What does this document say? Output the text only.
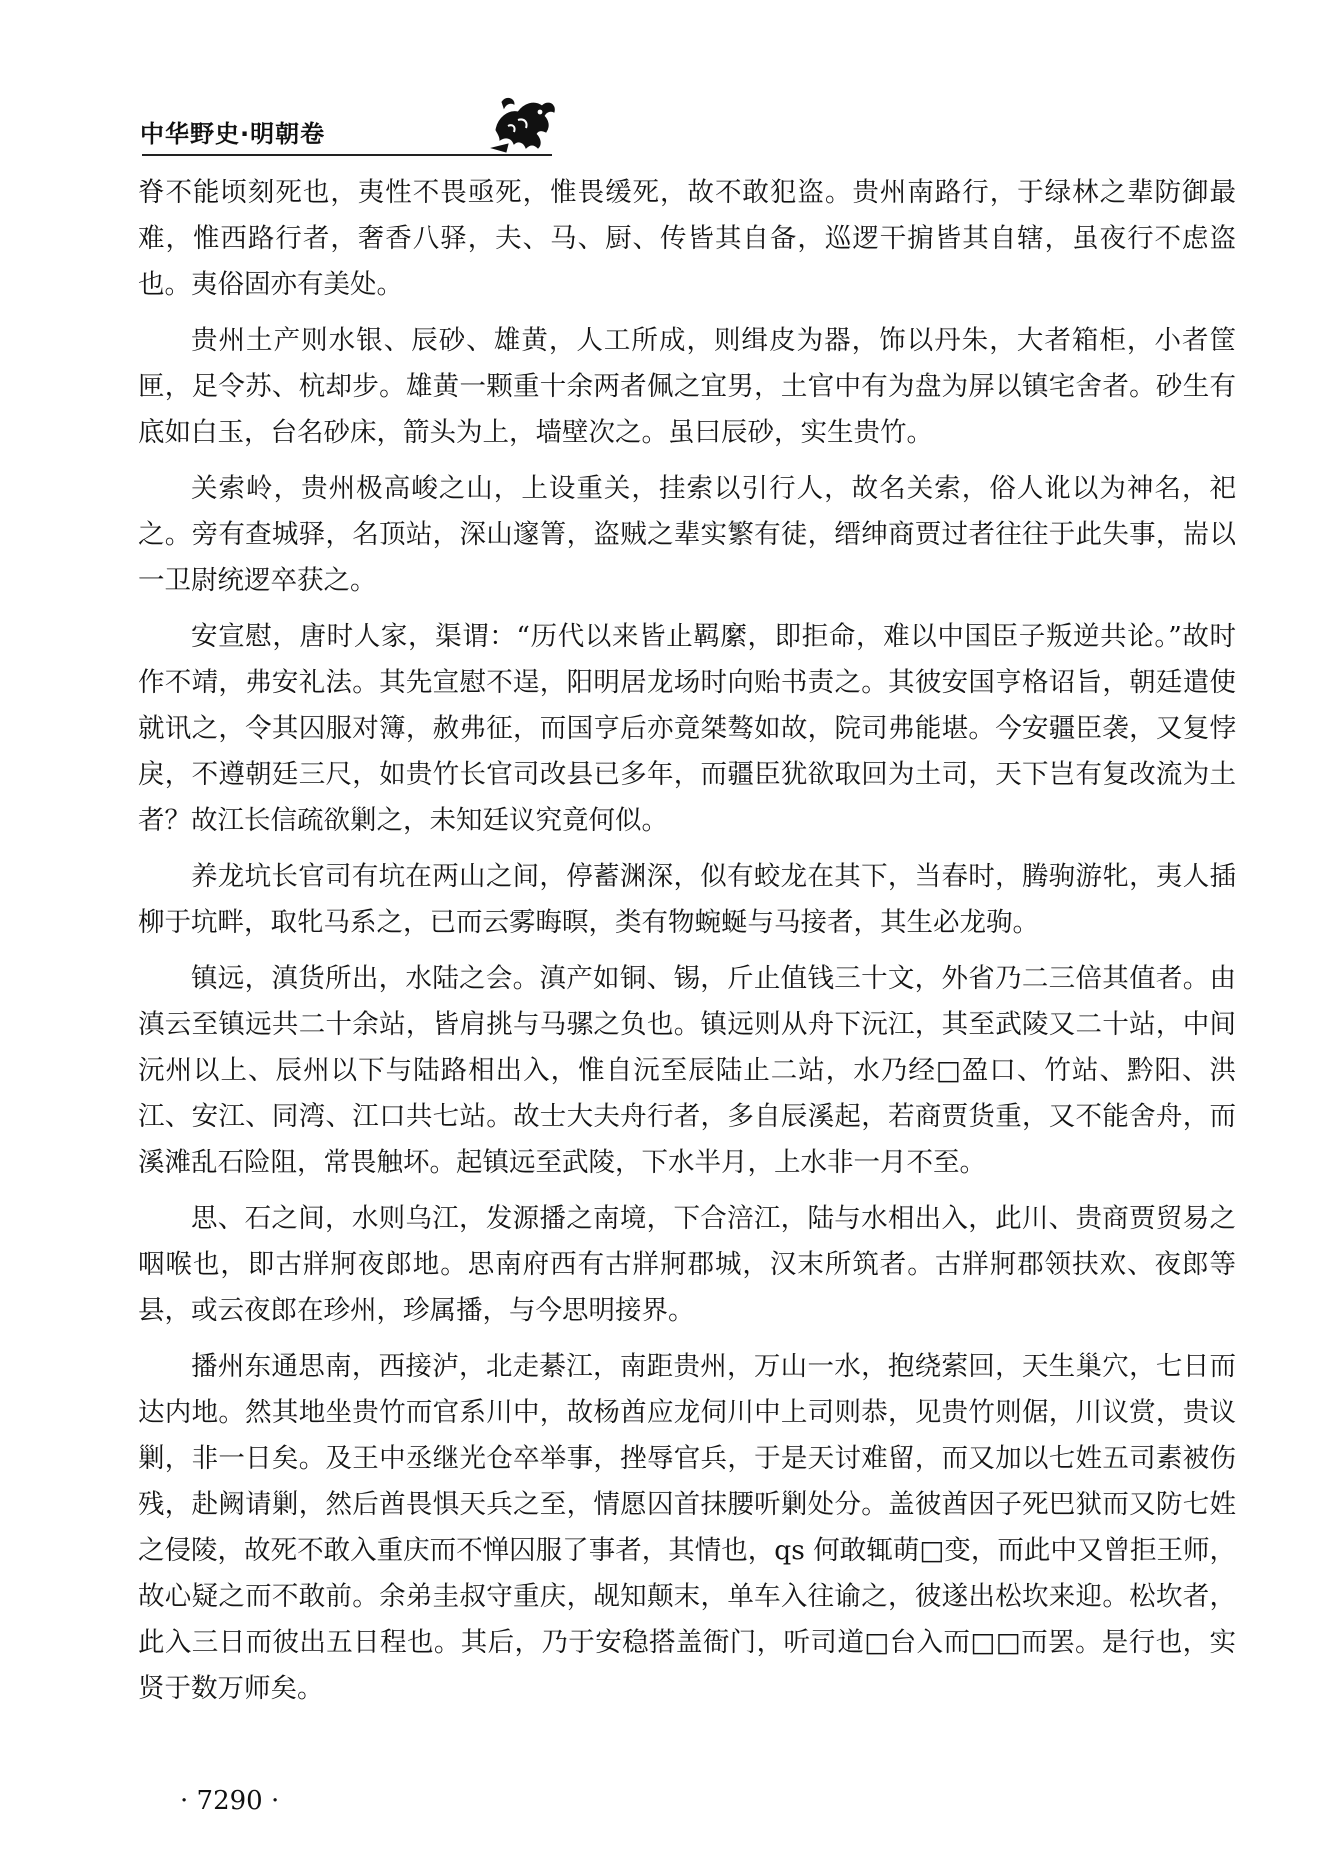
中华野史·明朝卷

脊不能顷刻死也，夷性不畏亟死，惟畏缓死，故不敢犯盗。贵州南路行，于绿林之辈防御最难，惟西路行者，奢香八驿，夫、马、厨、传皆其自备，巡逻干掮皆其自辖，虽夜行不虑盗也。夷俗固亦有美处。

贵州土产则水银、辰砂、雄黄，人工所成，则缉皮为器，饰以丹朱，大者箱柜，小者筐匣，足令苏、杭却步。雄黄一颗重十余两者佩之宜男，土官中有为盘为屏以镇宅舍者。砂生有底如白玉，台名砂床，箭头为上，墙壁次之。虽曰辰砂，实生贵竹。

关索岭，贵州极高峻之山，上设重关，挂索以引行人，故名关索，俗人讹以为神名，祀之。旁有查城驿，名顶站，深山邃箐，盗贼之辈实繁有徒，缙绅商贾过者往往于此失事，耑以一卫尉统逻卒获之。

安宣慰，唐时人家，渠谓：“历代以来皆止羁縻，即拒命，难以中国臣子叛逆共论。”故时作不靖，弗安礼法。其先宣慰不逞，阳明居龙场时向贻书责之。其彼安国亨格诏旨，朝廷遣使就讯之，令其囚服对簿，赦弗征，而国亨后亦竟桀骜如故，院司弗能堪。今安疆臣袭，又复悖戾，不遵朝廷三尺，如贵竹长官司改县已多年，而疆臣犹欲取回为土司，天下岂有复改流为土者？故江长信疏欲剿之，未知廷议究竟何似。

养龙坑长官司有坑在两山之间，停蓄渊深，似有蛟龙在其下，当春时，腾驹游牝，夷人插柳于坑畔，取牝马系之，已而云雾晦暝，类有物蜿蜒与马接者，其生必龙驹。

镇远，滇货所出，水陆之会。滇产如铜、锡，斤止值钱三十文，外省乃二三倍其值者。由滇云至镇远共二十余站，皆肩挑与马骡之负也。镇远则从舟下沅江，其至武陵又二十站，中间沅州以上、辰州以下与陆路相出入，惟自沅至辰陆止二站，水乃经□盈口、竹站、黔阳、洪江、安江、同湾、江口共七站。故士大夫舟行者，多自辰溪起，若商贾货重，又不能舍舟，而溪滩乱石险阻，常畏触坏。起镇远至武陵，下水半月，上水非一月不至。

思、石之间，水则乌江，发源播之南境，下合涪江，陆与水相出入，此川、贵商贾贸易之咽喉也，即古牂牁夜郎地。思南府西有古牂牁郡城，汉末所筑者。古牂牁郡领扶欢、夜郎等县，或云夜郎在珍州，珍属播，与今思明接界。

播州东通思南，西接泸，北走綦江，南距贵州，万山一水，抱绕萦回，天生巢穴，七日而达内地。然其地坐贵竹而官系川中，故杨酋应龙伺川中上司则恭，见贵竹则倨，川议赏，贵议剿，非一日矣。及王中丞继光仓卒举事，挫辱官兵，于是天讨难留，而又加以七姓五司素被伤残，赴阙请剿，然后酋畏惧天兵之至，情愿囚首抹腰听剿处分。盖彼酋因子死巴狱而又防七姓之侵陵，故死不敢入重庆而不惮囚服了事者，其情也，qs 何敢辄萌□变，而此中又曾拒王师，故心疑之而不敢前。余弟圭叔守重庆，觇知颠末，单车入往谕之，彼遂出松坎来迎。松坎者，此入三日而彼出五日程也。其后，乃于安稳搭盖衙门，听司道□台入而□□而罢。是行也，实贤于数万师矣。

· 7290 ·
